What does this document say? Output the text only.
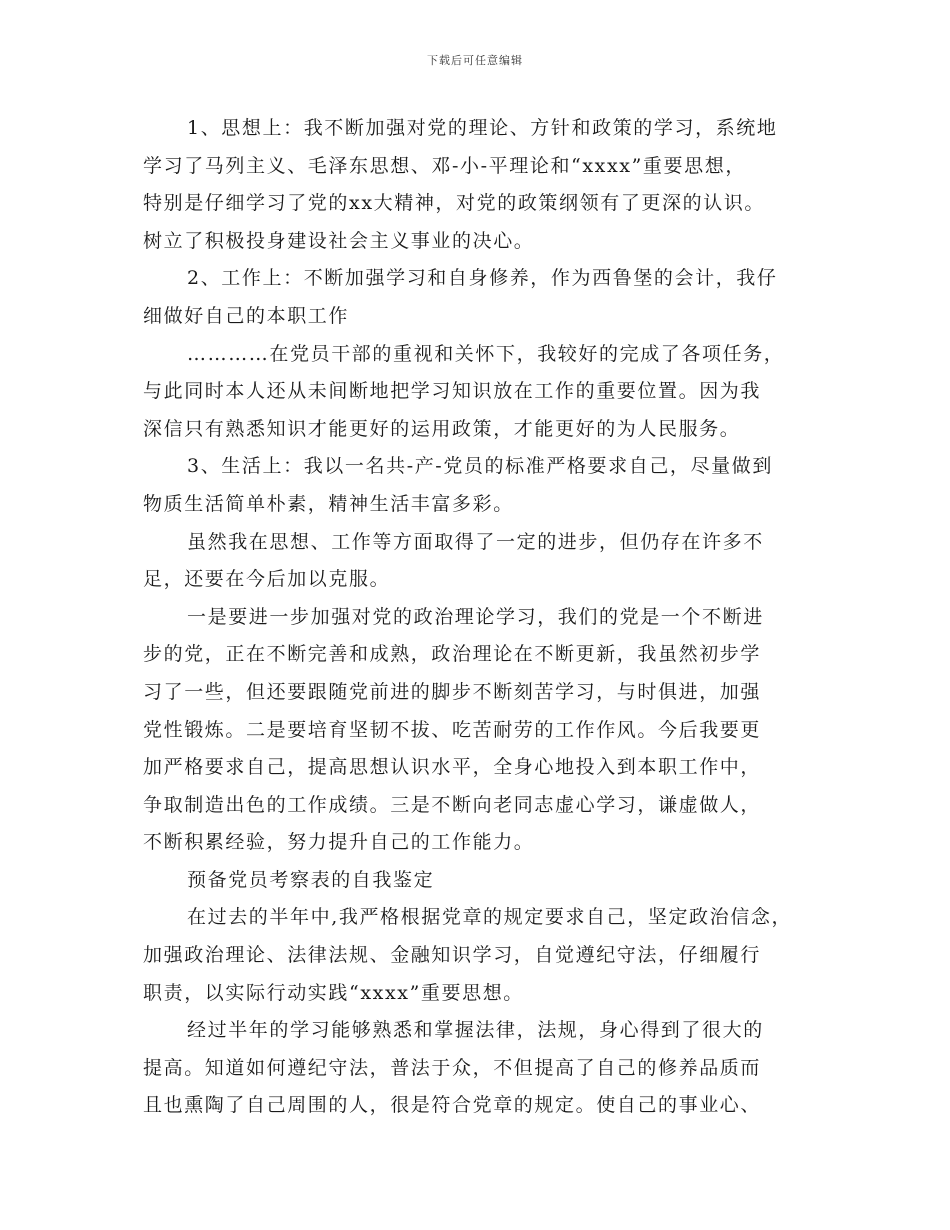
下载后可任意编辑
1、思想上：我不断加强对党的理论、方针和政策的学习，系统地
学习了马列主义、毛泽东思想、邓-小-平理论和“xxxx”重要思想，
特别是仔细学习了党的xx大精神，对党的政策纲领有了更深的认识。
树立了积极投身建设社会主义事业的决心。
2、工作上：不断加强学习和自身修养，作为西鲁堡的会计，我仔
细做好自己的本职工作
…………在党员干部的重视和关怀下，我较好的完成了各项任务，
与此同时本人还从未间断地把学习知识放在工作的重要位置。因为我
深信只有熟悉知识才能更好的运用政策，才能更好的为人民服务。
3、生活上：我以一名共-产-党员的标准严格要求自己，尽量做到
物质生活简单朴素，精神生活丰富多彩。
虽然我在思想、工作等方面取得了一定的进步，但仍存在许多不
足，还要在今后加以克服。
一是要进一步加强对党的政治理论学习，我们的党是一个不断进
步的党，正在不断完善和成熟，政治理论在不断更新，我虽然初步学
习了一些，但还要跟随党前进的脚步不断刻苦学习，与时俱进，加强
党性锻炼。二是要培育坚韧不拔、吃苦耐劳的工作作风。今后我要更
加严格要求自己，提高思想认识水平，全身心地投入到本职工作中，
争取制造出色的工作成绩。三是不断向老同志虚心学习，谦虚做人，
不断积累经验，努力提升自己的工作能力。
预备党员考察表的自我鉴定
在过去的半年中,我严格根据党章的规定要求自己，坚定政治信念，
加强政治理论、法律法规、金融知识学习，自觉遵纪守法，仔细履行
职责，以实际行动实践“xxxx”重要思想。
经过半年的学习能够熟悉和掌握法律，法规，身心得到了很大的
提高。知道如何遵纪守法，普法于众，不但提高了自己的修养品质而
且也熏陶了自己周围的人，很是符合党章的规定。使自己的事业心、
